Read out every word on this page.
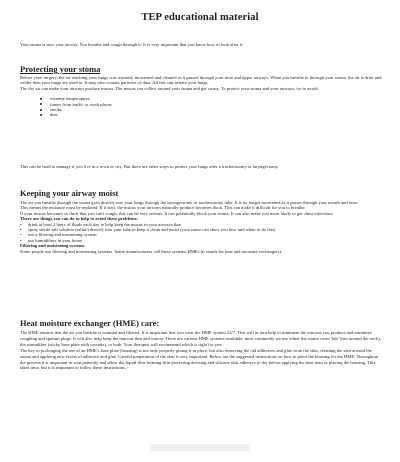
TEP educational material
Your stoma is now your airway. You breathe and cough through it. It is very important that you know how to look after it.
Protecting your stoma

Before your surgery, the air reaching your lungs was warmed, moistened and cleaned as it passed through your nose and upper airways. When you breathe in through your stoma, the air is drier and colder than your lungs are used to. It may also contain particles of dust. All this can irritate your lungs.

The dry air can make your airways produce mucus. The mucus can collect around your stoma and get crusty. To protect your stoma and your airways, try to avoid:

extreme temperatures
fumes from traffic or work places
smoke
dust
This can be hard to manage if you live in a town or city. But there are other ways to protect your lungs after a tracheostomy or laryngectomy.
Keeping your airway moist

The air you breathe through the stoma goes directly into your lungs through the laryngectomy or tracheostomy tube. It is no longer moistened as it passes through your mouth and nose.

This means the moisture must be replaced. If it isn't, the mucus your airways naturally produce becomes thick. This can make it difficult for you to breathe.

If your mucus becomes so thick that you can't cough, this can be very serious. It can potentially block your stoma. It can also make you more likely to get chest infections.

There are things you can do to help to avoid these problems:

• drink at least 2 liters of fluids each day to help keep the mucus in your airways thin
• spray sterile salt solution (saline) directly into your tube to keep it clean and moist (your nurse can show you how and when to do this)
• use a filtering and moistening system
• use humidifiers in your home

Filtering and moistening systems

Some people use filtering and moistening systems. Some manufacturers call these systems HMEs (it stands for heat and moisture exchangers).

Heat moisture exchanger (HME) care:

The HME ensures that the air you breathe is warmed and filtered. It is important that you wear the HME system 24/7. This will in turn help to minimize the mucous you produce and minimize coughing and sputum plugs. It will also help keep the mucous thin and watery. There are various HME systems available; most commonly we use either the stoma cover 'bib' (ties around the neck), the stomafilter (sticky base plate with cassette), or both. Your therapist will recommend which is right for you.

The key to prolonging the use of an HME's base plate (housing) is not only properly gluing it in place, but also removing the old adhesives and glue from the skin, cleaning the area around the stoma and applying new layers of adhesive and glue. Careful preparation of the skin is very important. Below are the suggested instructions on how to place the housing for the HME. Throughout the process it is important to wait patiently and allow the liquid film-forming skin protecting dressing and silicone skin adhesive to dry before applying the next item or placing the housing. This takes time, but it is important to follow these instructions.,-
